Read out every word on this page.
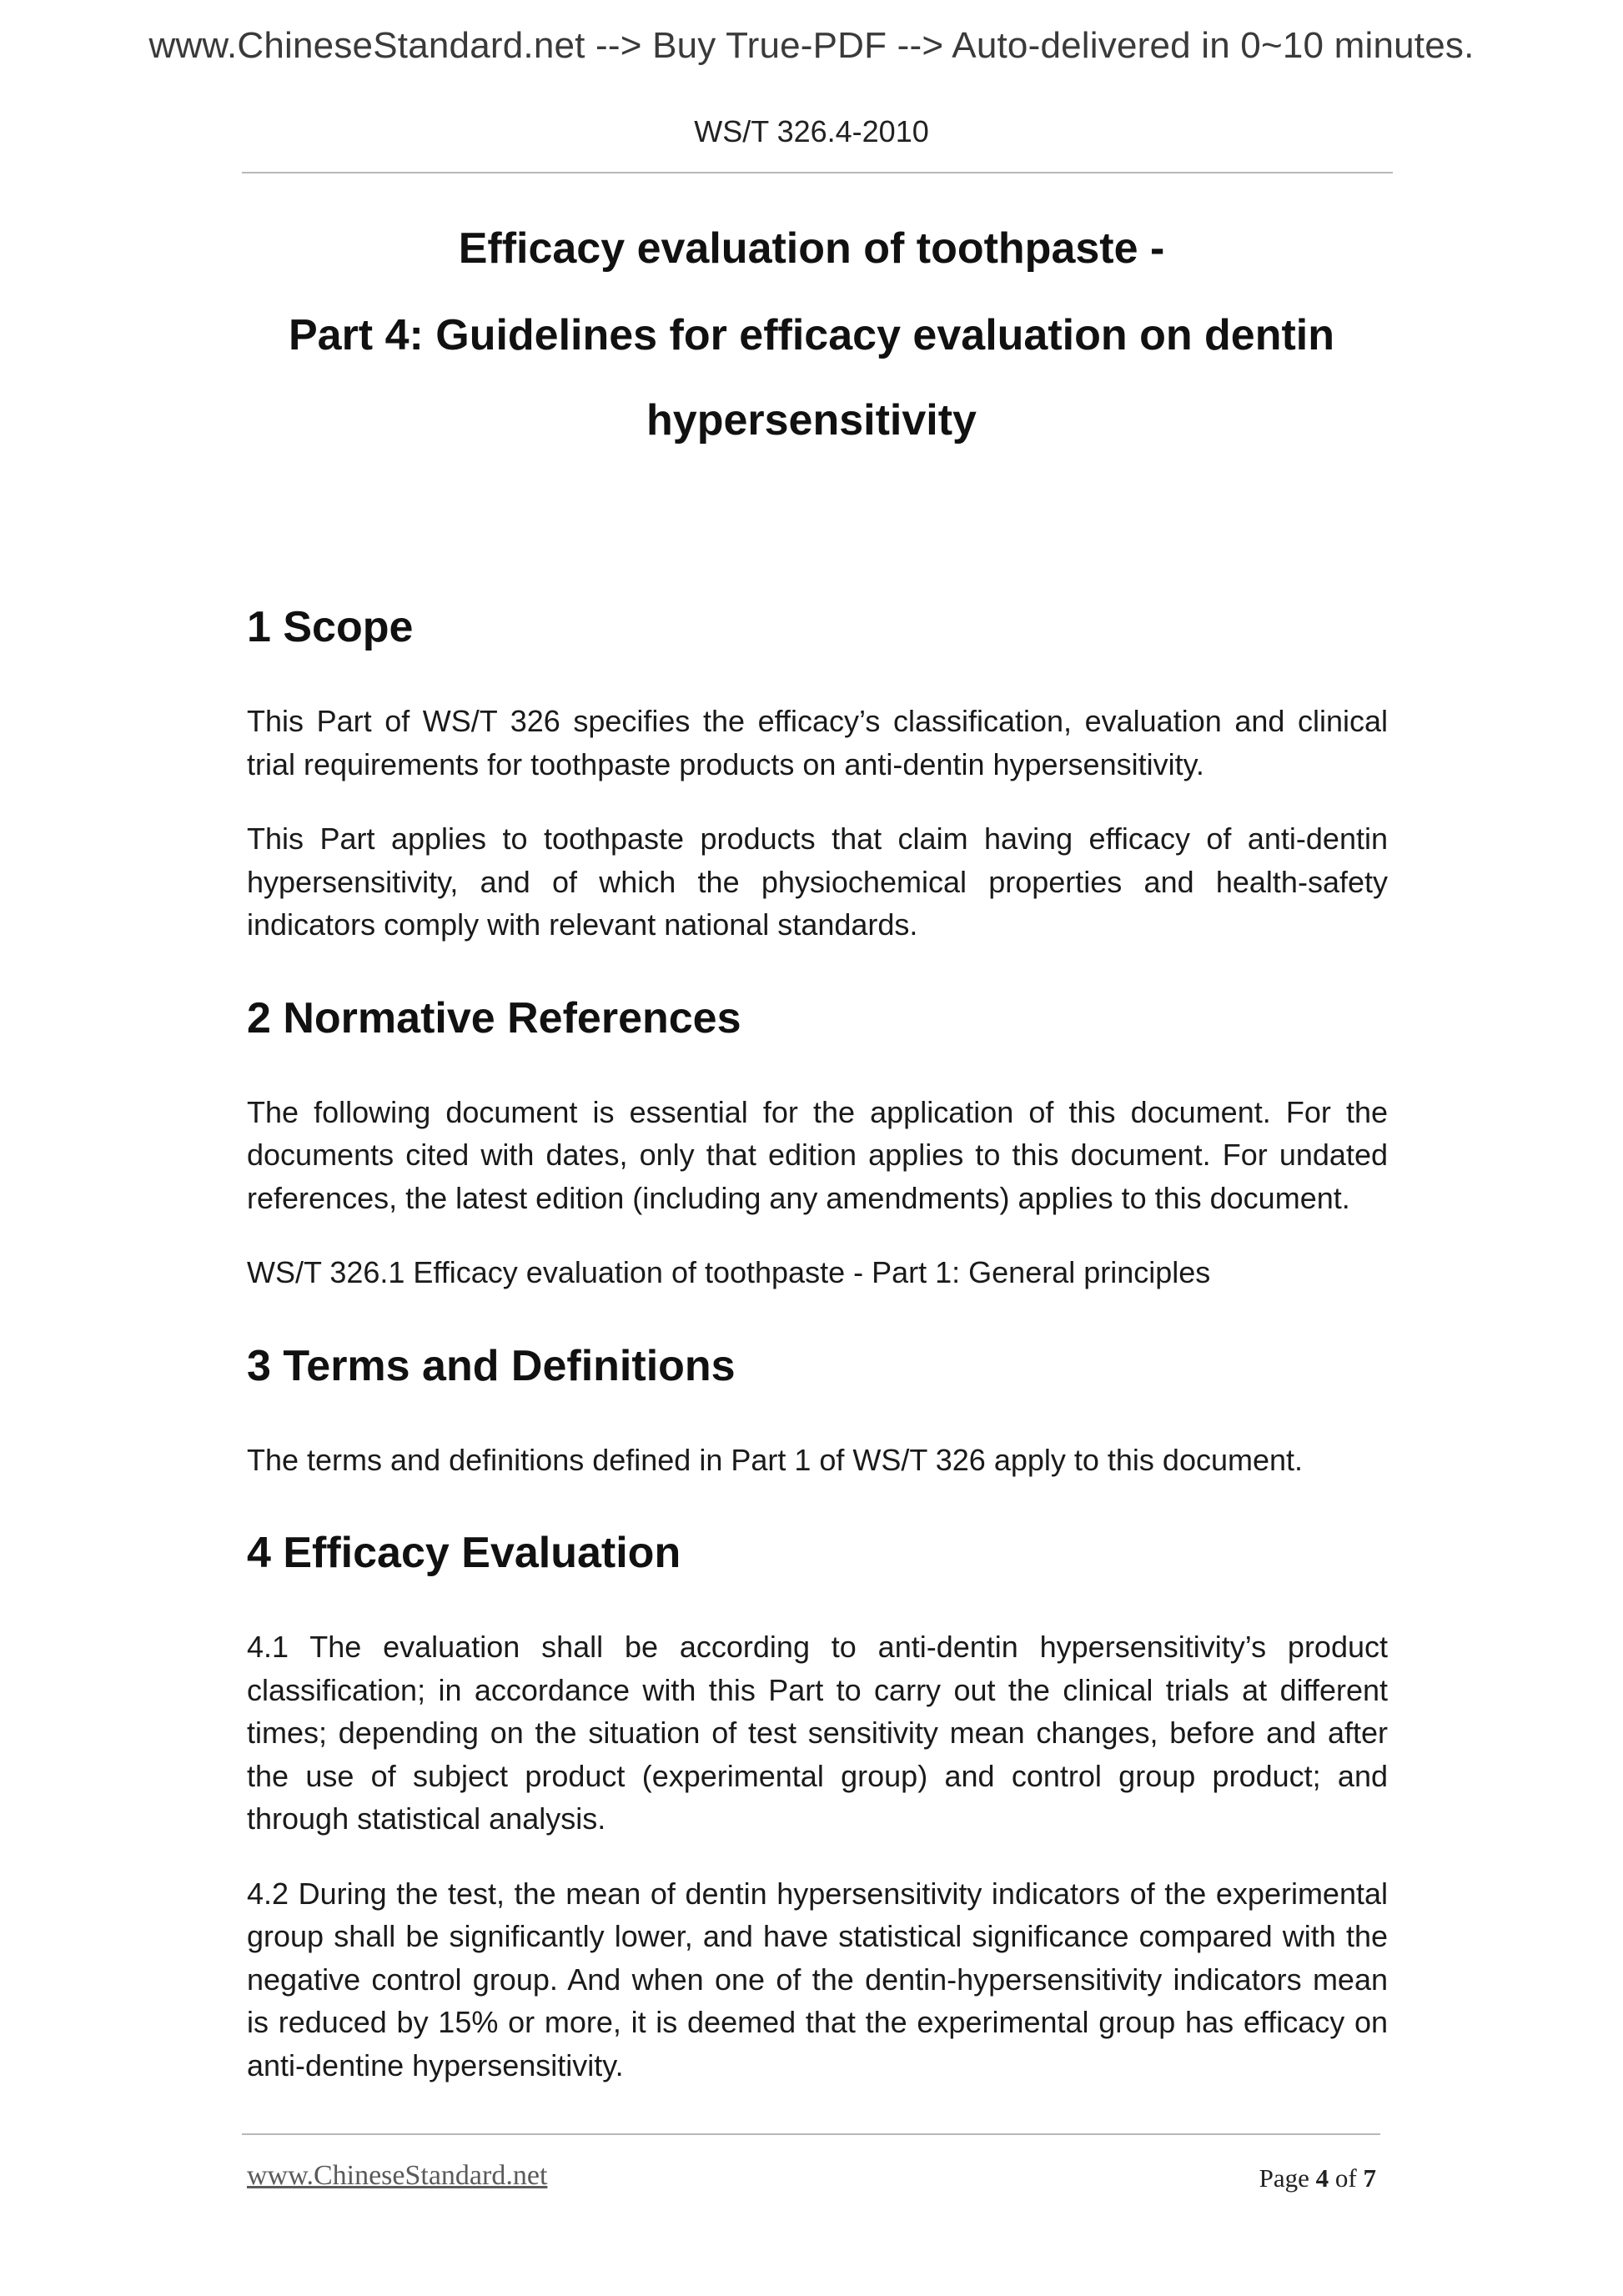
www.ChineseStandard.net --> Buy True-PDF --> Auto-delivered in 0~10 minutes.
WS/T 326.4-2010
Efficacy evaluation of toothpaste -
Part 4: Guidelines for efficacy evaluation on dentin
hypersensitivity
1 Scope

This Part of WS/T 326 specifies the efficacy’s classification, evaluation and clinical trial requirements for toothpaste products on anti-dentin hypersensitivity.

This Part applies to toothpaste products that claim having efficacy of anti-dentin hypersensitivity, and of which the physiochemical properties and health-safety indicators comply with relevant national standards.

2 Normative References

The following document is essential for the application of this document. For the documents cited with dates, only that edition applies to this document. For undated references, the latest edition (including any amendments) applies to this document.

WS/T 326.1 Efficacy evaluation of toothpaste - Part 1: General principles

3 Terms and Definitions

The terms and definitions defined in Part 1 of WS/T 326 apply to this document.

4 Efficacy Evaluation

4.1 The evaluation shall be according to anti-dentin hypersensitivity’s product classification; in accordance with this Part to carry out the clinical trials at different times; depending on the situation of test sensitivity mean changes, before and after the use of subject product (experimental group) and control group product; and through statistical analysis.

4.2 During the test, the mean of dentin hypersensitivity indicators of the experimental group shall be significantly lower, and have statistical significance compared with the negative control group. And when one of the dentin-hypersensitivity indicators mean is reduced by 15% or more, it is deemed that the experimental group has efficacy on anti-dentine hypersensitivity.

www.ChineseStandard.net	Page 4 of 7
